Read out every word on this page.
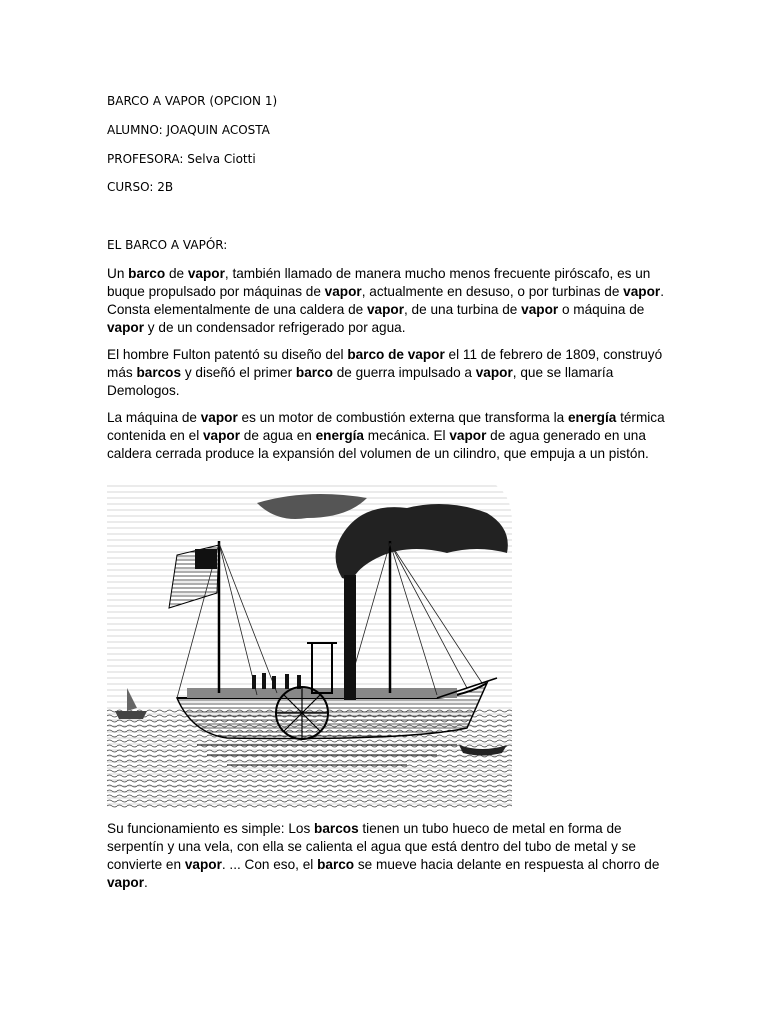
BARCO A VAPOR (OPCION 1)
ALUMNO: JOAQUIN ACOSTA
PROFESORA: Selva Ciotti
CURSO: 2B
EL BARCO A VAPÓR:

Un barco de vapor, también llamado de manera mucho menos frecuente piróscafo, es un buque propulsado por máquinas de vapor, actualmente en desuso, o por turbinas de vapor. Consta elementalmente de una caldera de vapor, de una turbina de vapor o máquina de vapor y de un condensador refrigerado por agua.

El hombre Fulton patentó su diseño del barco de vapor el 11 de febrero de 1809, construyó más barcos y diseñó el primer barco de guerra impulsado a vapor, que se llamaría Demologos.

La máquina de vapor es un motor de combustión externa que transforma la energía térmica contenida en el vapor de agua en energía mecánica. El vapor de agua generado en una caldera cerrada produce la expansión del volumen de un cilindro, que empuja a un pistón.

Su funcionamiento es simple: Los barcos tienen un tubo hueco de metal en forma de serpentín y una vela, con ella se calienta el agua que está dentro del tubo de metal y se convierte en vapor. ... Con eso, el barco se mueve hacia delante en respuesta al chorro de vapor.
